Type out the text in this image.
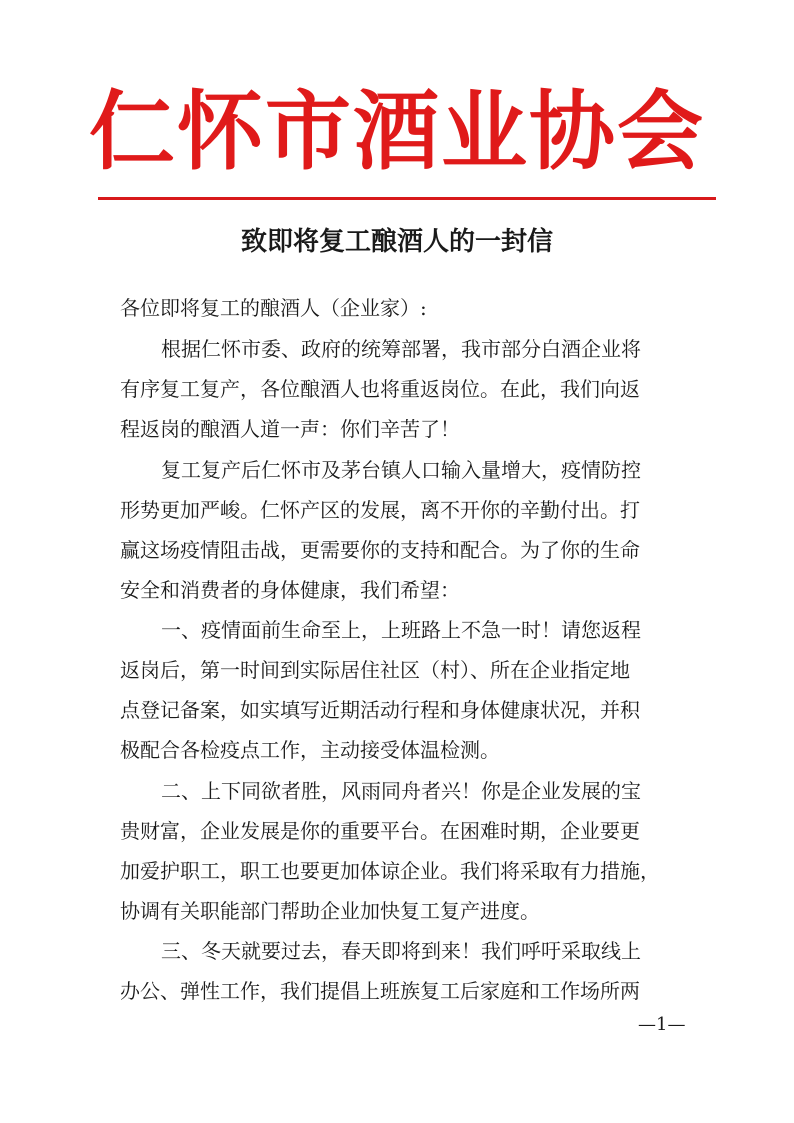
仁怀市酒业协会
致即将复工酿酒人的一封信
各位即将复工的酿酒人（企业家）:
根据仁怀市委、政府的统筹部署，我市部分白酒企业将
有序复工复产，各位酿酒人也将重返岗位。在此，我们向返
程返岗的酿酒人道一声：你们辛苦了！
复工复产后仁怀市及茅台镇人口输入量增大，疫情防控
形势更加严峻。仁怀产区的发展，离不开你的辛勤付出。打
赢这场疫情阻击战，更需要你的支持和配合。为了你的生命
安全和消费者的身体健康，我们希望：
一、疫情面前生命至上，上班路上不急一时！请您返程
返岗后，第一时间到实际居住社区（村）、所在企业指定地
点登记备案，如实填写近期活动行程和身体健康状况，并积
极配合各检疫点工作，主动接受体温检测。
二、上下同欲者胜，风雨同舟者兴！你是企业发展的宝
贵财富，企业发展是你的重要平台。在困难时期，企业要更
加爱护职工，职工也要更加体谅企业。我们将采取有力措施，
协调有关职能部门帮助企业加快复工复产进度。
三、冬天就要过去，春天即将到来！我们呼吁采取线上
办公、弹性工作，我们提倡上班族复工后家庭和工作场所两
—1—
